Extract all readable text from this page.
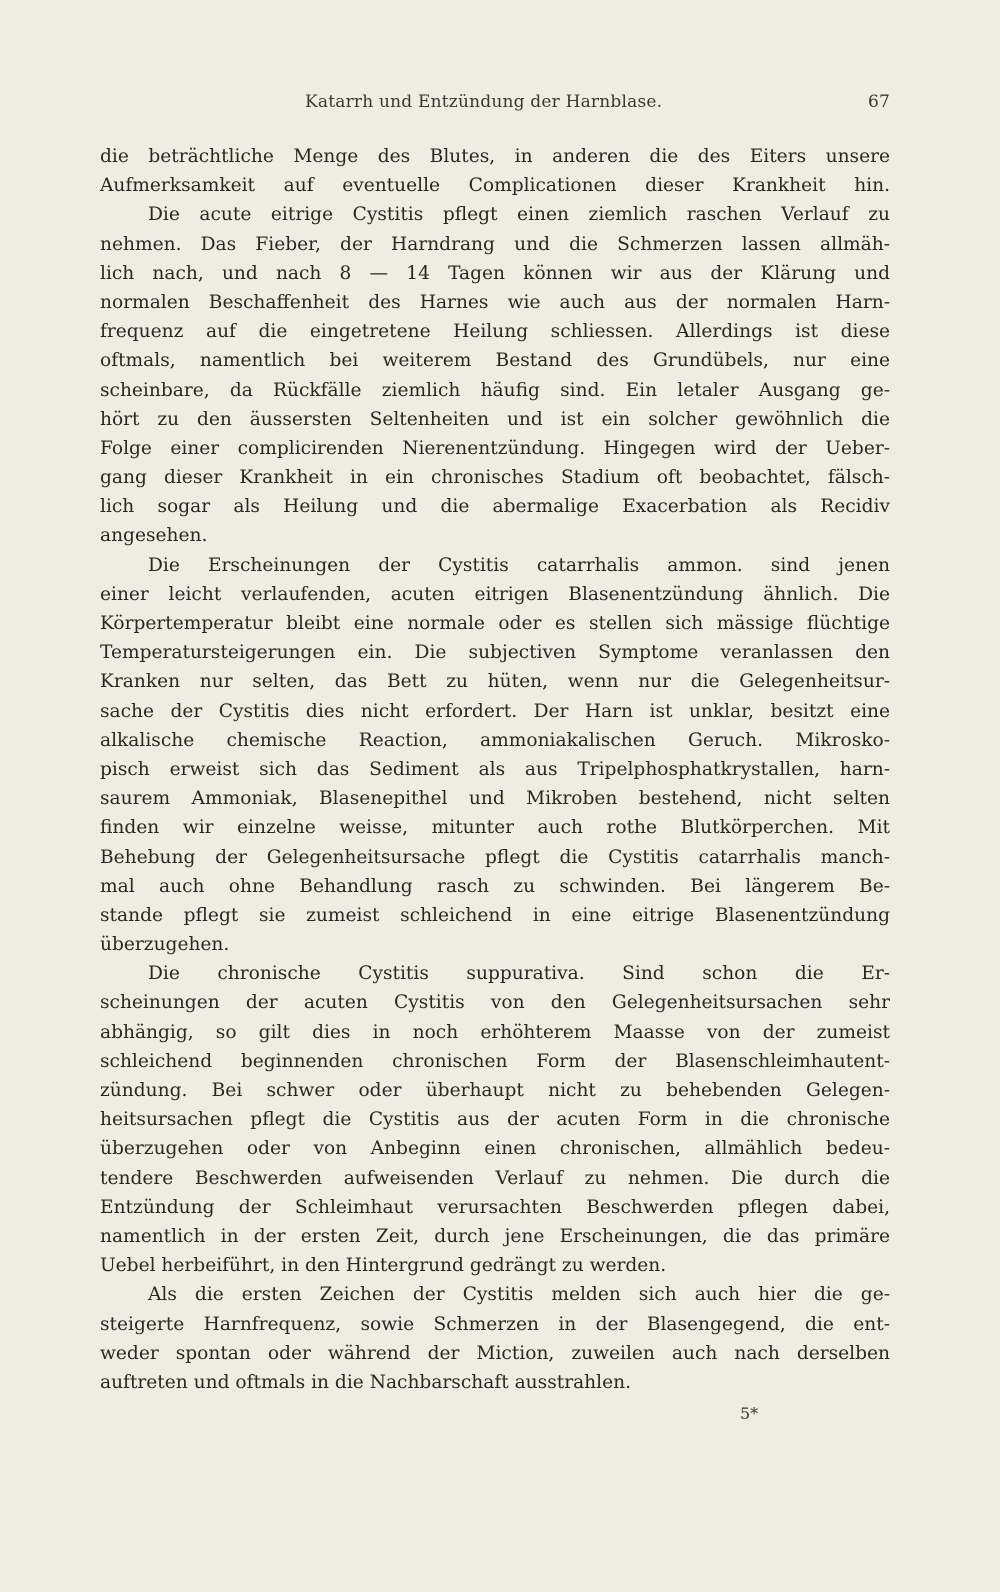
Katarrh und Entzündung der Harnblase.	67
die beträchtliche Menge des Blutes, in anderen die des Eiters unsere
Aufmerksamkeit auf eventuelle Complicationen dieser Krankheit hin.
Die acute eitrige Cystitis pflegt einen ziemlich raschen Verlauf zu
nehmen. Das Fieber, der Harndrang und die Schmerzen lassen allmäh-
lich nach, und nach 8 — 14 Tagen können wir aus der Klärung und
normalen Beschaffenheit des Harnes wie auch aus der normalen Harn-
frequenz auf die eingetretene Heilung schliessen. Allerdings ist diese
oftmals, namentlich bei weiterem Bestand des Grundübels, nur eine
scheinbare, da Rückfälle ziemlich häufig sind. Ein letaler Ausgang ge-
hört zu den äussersten Seltenheiten und ist ein solcher gewöhnlich die
Folge einer complicirenden Nierenentzündung. Hingegen wird der Ueber-
gang dieser Krankheit in ein chronisches Stadium oft beobachtet, fälsch-
lich sogar als Heilung und die abermalige Exacerbation als Recidiv
angesehen.
Die Erscheinungen der Cystitis catarrhalis ammon. sind jenen
einer leicht verlaufenden, acuten eitrigen Blasenentzündung ähnlich. Die
Körpertemperatur bleibt eine normale oder es stellen sich mässige flüchtige
Temperatursteigerungen ein. Die subjectiven Symptome veranlassen den
Kranken nur selten, das Bett zu hüten, wenn nur die Gelegenheitsur-
sache der Cystitis dies nicht erfordert. Der Harn ist unklar, besitzt eine
alkalische chemische Reaction, ammoniakalischen Geruch. Mikrosko-
pisch erweist sich das Sediment als aus Tripelphosphatkrystallen, harn-
saurem Ammoniak, Blasenepithel und Mikroben bestehend, nicht selten
finden wir einzelne weisse, mitunter auch rothe Blutkörperchen. Mit
Behebung der Gelegenheitsursache pflegt die Cystitis catarrhalis manch-
mal auch ohne Behandlung rasch zu schwinden. Bei längerem Be-
stande pflegt sie zumeist schleichend in eine eitrige Blasenentzündung
überzugehen.
Die chronische Cystitis suppurativa. Sind schon die Er-
scheinungen der acuten Cystitis von den Gelegenheitsursachen sehr
abhängig, so gilt dies in noch erhöhterem Maasse von der zumeist
schleichend beginnenden chronischen Form der Blasenschleimhautent-
zündung. Bei schwer oder überhaupt nicht zu behebenden Gelegen-
heitsursachen pflegt die Cystitis aus der acuten Form in die chronische
überzugehen oder von Anbeginn einen chronischen, allmählich bedeu-
tendere Beschwerden aufweisenden Verlauf zu nehmen. Die durch die
Entzündung der Schleimhaut verursachten Beschwerden pflegen dabei,
namentlich in der ersten Zeit, durch jene Erscheinungen, die das primäre
Uebel herbeiführt, in den Hintergrund gedrängt zu werden.
Als die ersten Zeichen der Cystitis melden sich auch hier die ge-
steigerte Harnfrequenz, sowie Schmerzen in der Blasengegend, die ent-
weder spontan oder während der Miction, zuweilen auch nach derselben
auftreten und oftmals in die Nachbarschaft ausstrahlen.
5*
